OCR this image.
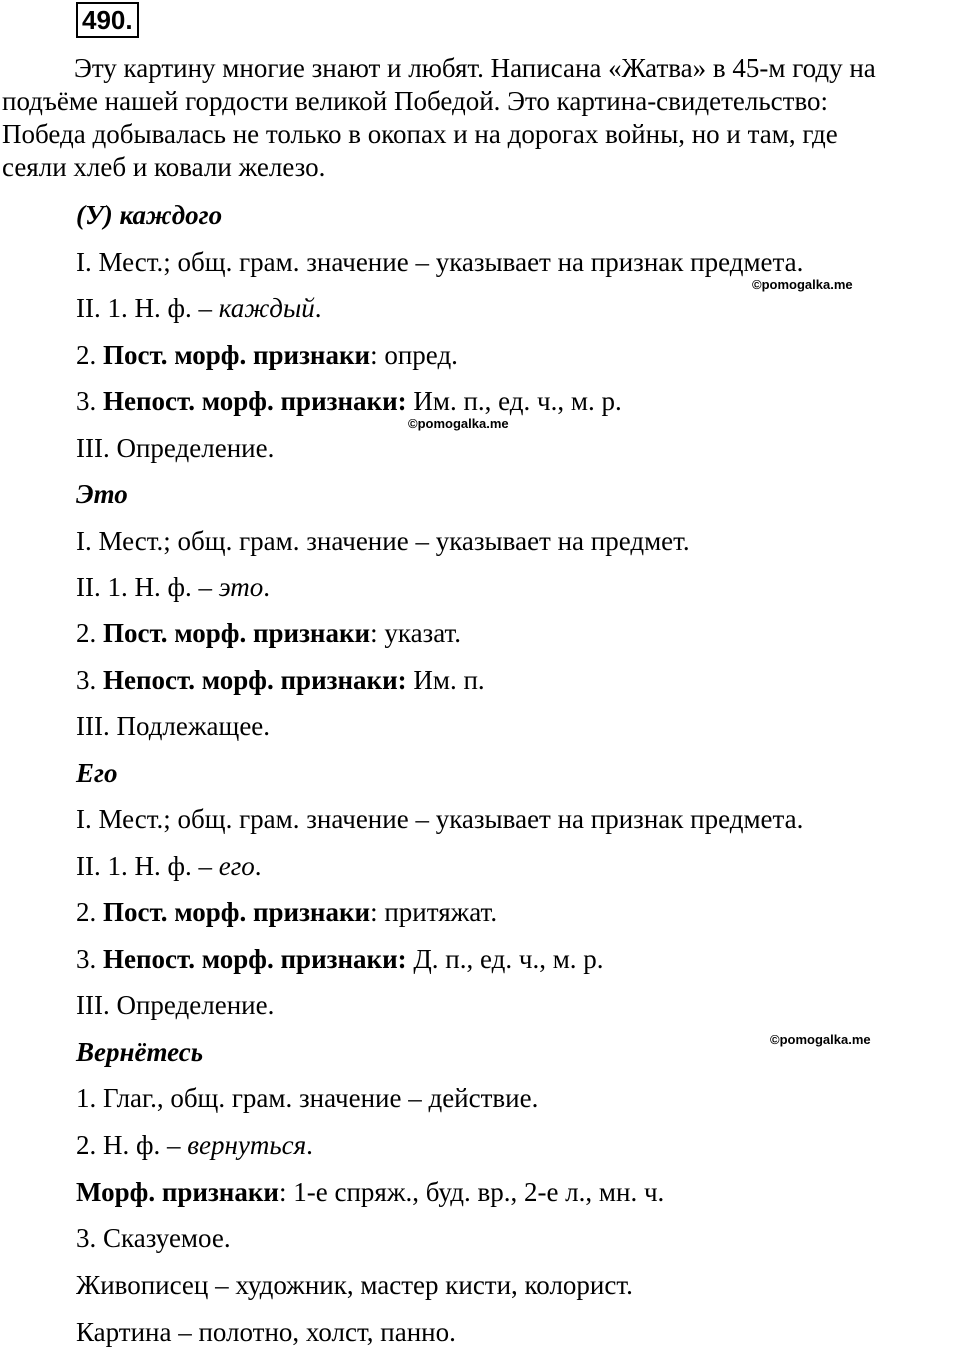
490.
Эту картину многие знают и любят. Написана «Жатва» в 45-м году на
подъёме нашей гордости великой Победой. Это картина-свидетельство:
Победа добывалась не только в окопах и на дорогах войны, но и там, где
сеяли хлеб и ковали железо.
(У) каждого
I. Мест.; общ. грам. значение – указывает на признак предмета.
©pomogalka.me
II. 1. Н. ф. – каждый.
2. Пост. морф. признаки: опред.
3. Непост. морф. признаки: Им. п., ед. ч., м. р.
©pomogalka.me
III. Определение.
Это
I. Мест.; общ. грам. значение – указывает на предмет.
II. 1. Н. ф. – это.
2. Пост. морф. признаки: указат.
3. Непост. морф. признаки: Им. п.
III. Подлежащее.
Его
I. Мест.; общ. грам. значение – указывает на признак предмета.
II. 1. Н. ф. – его.
2. Пост. морф. признаки: притяжат.
3. Непост. морф. признаки: Д. п., ед. ч., м. р.
III. Определение.
©pomogalka.me
Вернётесь
1. Глаг., общ. грам. значение – действие.
2. Н. ф. – вернуться.
Морф. признаки: 1-е спряж., буд. вр., 2-е л., мн. ч.
3. Сказуемое.
Живописец – художник, мастер кисти, колорист.
Картина – полотно, холст, панно.
